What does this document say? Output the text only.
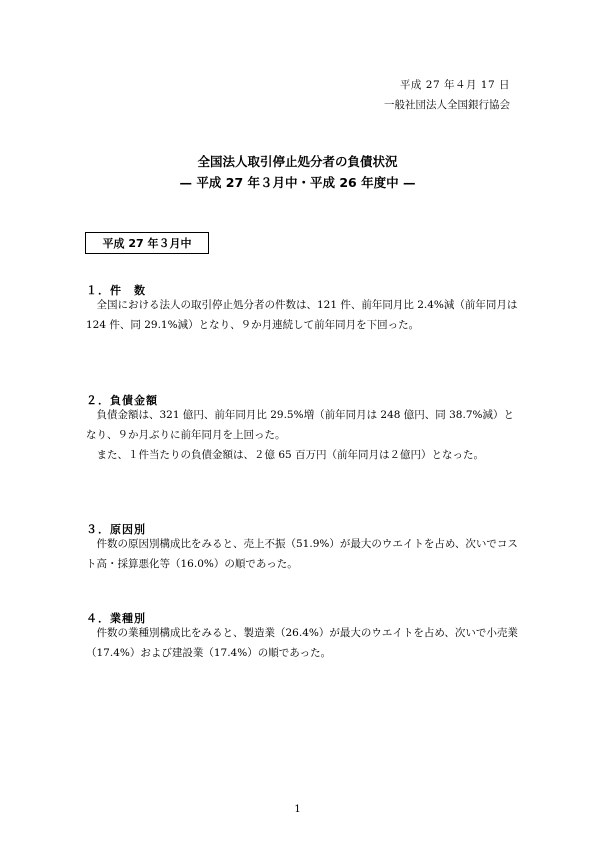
平成 27 年４月 17 日
一般社団法人全国銀行協会
全国法人取引停止処分者の負債状況
— 平成 27 年３月中・平成 26 年度中 —
平成 27 年３月中
１．件　数

全国における法人の取引停止処分者の件数は、121 件、前年同月比 2.4%減（前年同月は 124 件、同 29.1%減）となり、９か月連続して前年同月を下回った。

２．負債金額

負債金額は、321 億円、前年同月比 29.5%増（前年同月は 248 億円、同 38.7%減）となり、９か月ぶりに前年同月を上回った。

また、１件当たりの負債金額は、２億 65 百万円（前年同月は２億円）となった。

３．原因別

件数の原因別構成比をみると、売上不振（51.9%）が最大のウエイトを占め、次いでコスト高・採算悪化等（16.0%）の順であった。

４．業種別

件数の業種別構成比をみると、製造業（26.4%）が最大のウエイトを占め、次いで小売業（17.4%）および建設業（17.4%）の順であった。

1
